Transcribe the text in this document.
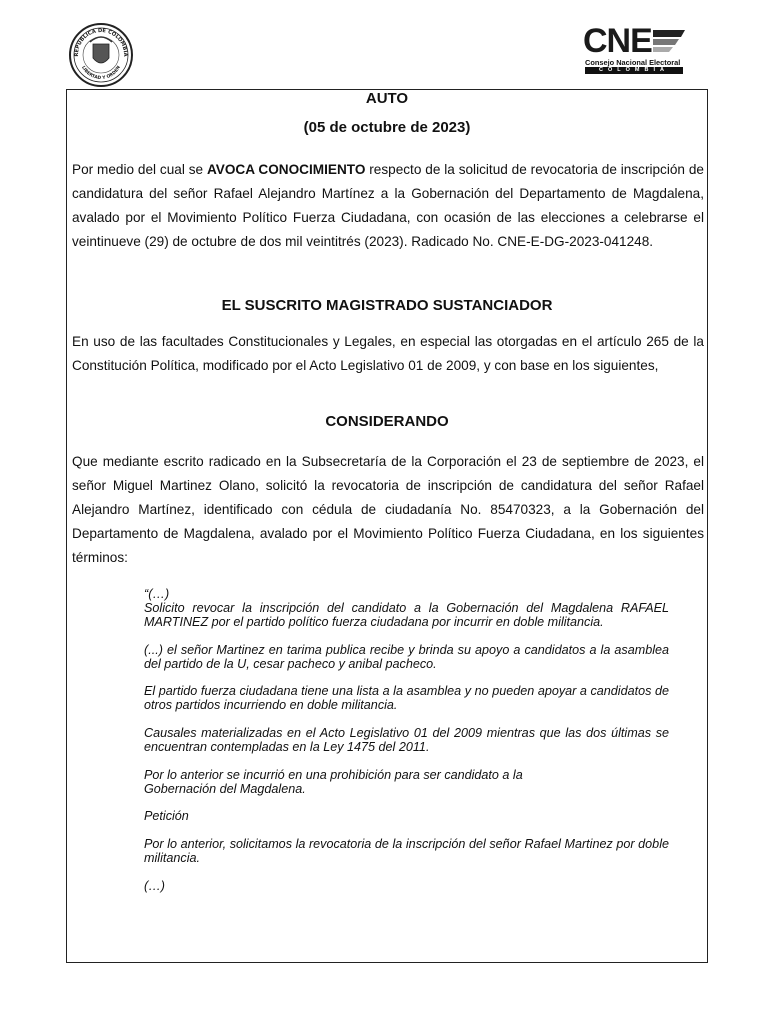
REPÚBLICA DE COLOMBIA
LIBERTAD Y ORDEN
CNE
Consejo Nacional Electoral
COLOMBIA
AUTO
(05 de octubre de 2023)
Por medio del cual se AVOCA CONOCIMIENTO respecto de la solicitud de revocatoria de inscripción de candidatura del señor Rafael Alejandro Martínez a la Gobernación del Departamento de Magdalena, avalado por el Movimiento Político Fuerza Ciudadana, con ocasión de las elecciones a celebrarse el veintinueve (29) de octubre de dos mil veintitrés (2023). Radicado No. CNE-E-DG-2023-041248.
EL SUSCRITO MAGISTRADO SUSTANCIADOR
En uso de las facultades Constitucionales y Legales, en especial las otorgadas en el artículo 265 de la Constitución Política, modificado por el Acto Legislativo 01 de 2009, y con base en los siguientes,
CONSIDERANDO
Que mediante escrito radicado en la Subsecretaría de la Corporación el 23 de septiembre de 2023, el señor Miguel Martinez Olano, solicitó la revocatoria de inscripción de candidatura del señor Rafael Alejandro Martínez, identificado con cédula de ciudadanía No. 85470323, a la Gobernación del Departamento de Magdalena, avalado por el Movimiento Político Fuerza Ciudadana, en los siguientes términos:
“(…)
Solicito revocar la inscripción del candidato a la Gobernación del Magdalena RAFAEL MARTINEZ por el partido político fuerza ciudadana por incurrir en doble militancia.
(...) el señor Martinez en tarima publica recibe y brinda su apoyo a candidatos a la asamblea del partido de la U, cesar pacheco y anibal pacheco.
El partido fuerza ciudadana tiene una lista a la asamblea y no pueden apoyar a candidatos de otros partidos incurriendo en doble militancia.
Causales materializadas en el Acto Legislativo 01 del 2009 mientras que las dos últimas se encuentran contempladas en la Ley 1475 del 2011.
Por lo anterior se incurrió en una prohibición para ser candidato a la
Gobernación del Magdalena.
Petición
Por lo anterior, solicitamos la revocatoria de la inscripción del señor Rafael Martinez por doble militancia.
(…)
